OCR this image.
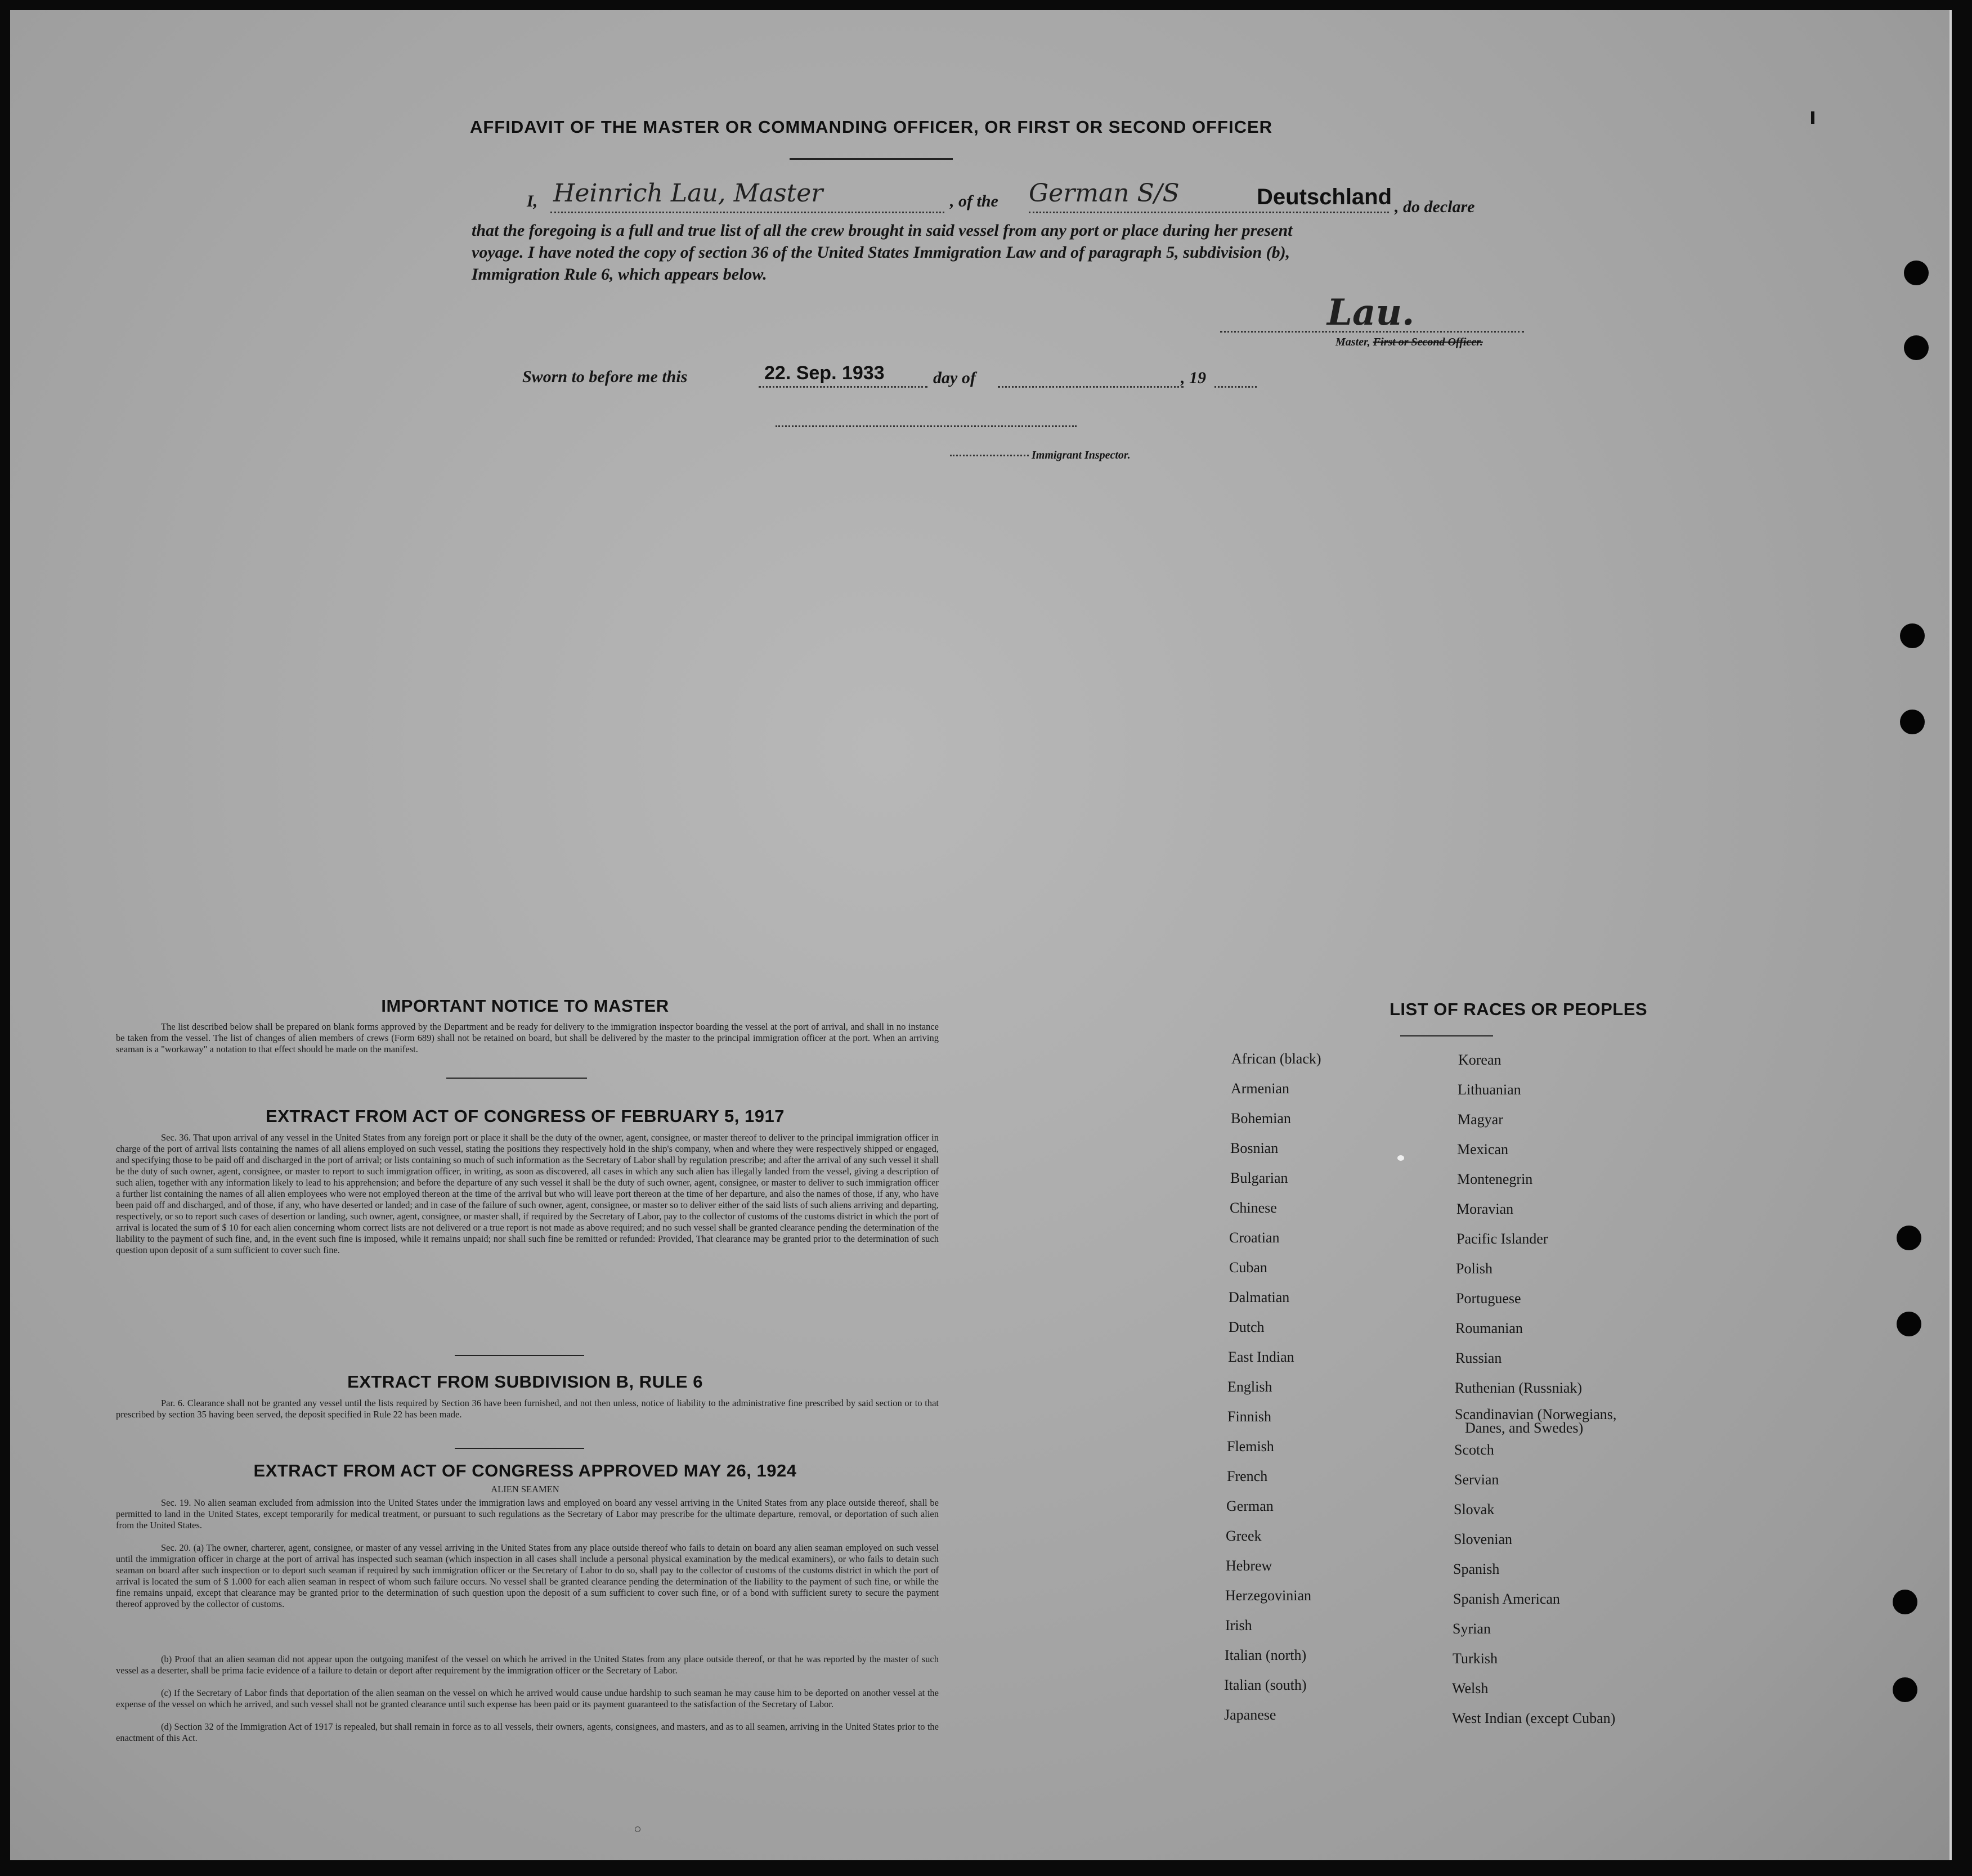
AFFIDAVIT OF THE MASTER OR COMMANDING OFFICER, OR FIRST OR SECOND OFFICER
I, Heinrich Lau, Master	, of the German S/S	Deutschland , do declare
that the foregoing is a full and true list of all the crew brought in said vessel from any port or place during her present
voyage. I have noted the copy of section 36 of the United States Immigration Law and of paragraph 5, subdivision (b),
Immigration Rule 6, which appears below.
Lau.
Master, First or Second Officer.
Sworn to before me this	22. Sep. 1933	day of	, 19
Immigrant Inspector.
IMPORTANT NOTICE TO MASTER
The list described below shall be prepared on blank forms approved by the Department and be ready for delivery to the immigration inspector boarding the vessel at the port of arrival, and shall in no instance be taken from the vessel. The list of changes of alien members of crews (Form 689) shall not be retained on board, but shall be delivered by the master to the principal immigration officer at the port. When an arriving seaman is a "workaway" a notation to that effect should be made on the manifest.
EXTRACT FROM ACT OF CONGRESS OF FEBRUARY 5, 1917
Sec. 36. That upon arrival of any vessel in the United States from any foreign port or place it shall be the duty of the owner, agent, consignee, or master thereof to deliver to the principal immigration officer in charge of the port of arrival lists containing the names of all aliens employed on such vessel, stating the positions they respectively hold in the ship's company, when and where they were respectively shipped or engaged, and specifying those to be paid off and discharged in the port of arrival; or lists containing so much of such information as the Secretary of Labor shall by regulation prescribe; and after the arrival of any such vessel it shall be the duty of such owner, agent, consignee, or master to report to such immigration officer, in writing, as soon as discovered, all cases in which any such alien has illegally landed from the vessel, giving a description of such alien, together with any information likely to lead to his apprehension; and before the departure of any such vessel it shall be the duty of such owner, agent, consignee, or master to deliver to such immigration officer a further list containing the names of all alien employees who were not employed thereon at the time of the arrival but who will leave port thereon at the time of her departure, and also the names of those, if any, who have been paid off and discharged, and of those, if any, who have deserted or landed; and in case of the failure of such owner, agent, consignee, or master so to deliver either of the said lists of such aliens arriving and departing, respectively, or so to report such cases of desertion or landing, such owner, agent, consignee, or master shall, if required by the Secretary of Labor, pay to the collector of customs of the customs district in which the port of arrival is located the sum of $ 10 for each alien concerning whom correct lists are not delivered or a true report is not made as above required; and no such vessel shall be granted clearance pending the determination of the liability to the payment of such fine, and, in the event such fine is imposed, while it remains unpaid; nor shall such fine be remitted or refunded: Provided, That clearance may be granted prior to the determination of such question upon deposit of a sum sufficient to cover such fine.
EXTRACT FROM SUBDIVISION B, RULE 6
Par. 6. Clearance shall not be granted any vessel until the lists required by Section 36 have been furnished, and not then unless, notice of liability to the administrative fine prescribed by said section or to that prescribed by section 35 having been served, the deposit specified in Rule 22 has been made.
EXTRACT FROM ACT OF CONGRESS APPROVED MAY 26, 1924
ALIEN SEAMEN
Sec. 19. No alien seaman excluded from admission into the United States under the immigration laws and employed on board any vessel arriving in the United States from any place outside thereof, shall be permitted to land in the United States, except temporarily for medical treatment, or pursuant to such regulations as the Secretary of Labor may prescribe for the ultimate departure, removal, or deportation of such alien from the United States.
Sec. 20. (a) The owner, charterer, agent, consignee, or master of any vessel arriving in the United States from any place outside thereof who fails to detain on board any alien seaman employed on such vessel until the immigration officer in charge at the port of arrival has inspected such seaman (which inspection in all cases shall include a personal physical examination by the medical examiners), or who fails to detain such seaman on board after such inspection or to deport such seaman if required by such immigration officer or the Secretary of Labor to do so, shall pay to the collector of customs of the customs district in which the port of arrival is located the sum of $ 1.000 for each alien seaman in respect of whom such failure occurs. No vessel shall be granted clearance pending the determination of the liability to the payment of such fine, or while the fine remains unpaid, except that clearance may be granted prior to the determination of such question upon the deposit of a sum sufficient to cover such fine, or of a bond with sufficient surety to secure the payment thereof approved by the collector of customs.
(b) Proof that an alien seaman did not appear upon the outgoing manifest of the vessel on which he arrived in the United States from any place outside thereof, or that he was reported by the master of such vessel as a deserter, shall be prima facie evidence of a failure to detain or deport after requirement by the immigration officer or the Secretary of Labor.
(c) If the Secretary of Labor finds that deportation of the alien seaman on the vessel on which he arrived would cause undue hardship to such seaman he may cause him to be deported on another vessel at the expense of the vessel on which he arrived, and such vessel shall not be granted clearance until such expense has been paid or its payment guaranteed to the satisfaction of the Secretary of Labor.
(d) Section 32 of the Immigration Act of 1917 is repealed, but shall remain in force as to all vessels, their owners, agents, consignees, and masters, and as to all seamen, arriving in the United States prior to the enactment of this Act.
LIST OF RACES OR PEOPLES
African (black)
Armenian
Bohemian
Bosnian
Bulgarian
Chinese
Croatian
Cuban
Dalmatian
Dutch
East Indian
English
Finnish
Flemish
French
German
Greek
Hebrew
Herzegovinian
Irish
Italian (north)
Italian (south)
Japanese
Korean
Lithuanian
Magyar
Mexican
Montenegrin
Moravian
Pacific Islander
Polish
Portuguese
Roumanian
Russian
Ruthenian (Russniak)
Scandinavian (Norwegians,
Scotch
Servian
Slovak
Slovenian
Spanish
Spanish American
Syrian
Turkish
Welsh
West Indian (except Cuban)
Danes, and Swedes)
